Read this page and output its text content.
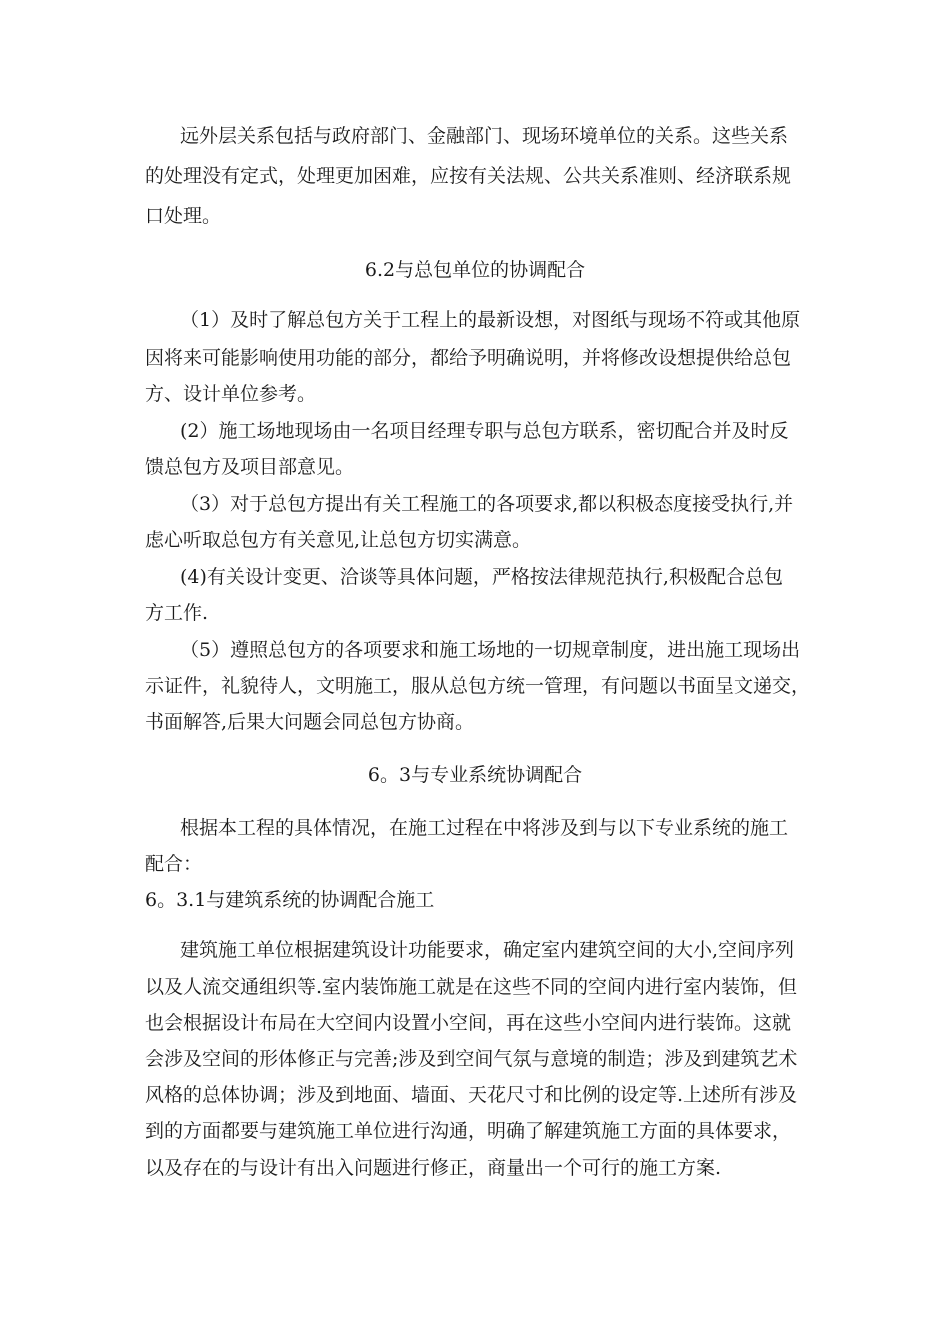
远外层关系包括与政府部门、金融部门、现场环境单位的关系。这些关系

的处理没有定式，处理更加困难，应按有关法规、公共关系准则、经济联系规

口处理。

6.2与总包单位的协调配合

（1）及时了解总包方关于工程上的最新设想，对图纸与现场不符或其他原

因将来可能影响使用功能的部分，都给予明确说明，并将修改设想提供给总包

方、设计单位参考。

(2）施工场地现场由一名项目经理专职与总包方联系，密切配合并及时反

馈总包方及项目部意见。

（3）对于总包方提出有关工程施工的各项要求,都以积极态度接受执行,并

虑心听取总包方有关意见,让总包方切实满意。

(4)有关设计变更、洽谈等具体问题，严格按法律规范执行,积极配合总包

方工作.

（5）遵照总包方的各项要求和施工场地的一切规章制度，进出施工现场出

示证件，礼貌待人，文明施工，服从总包方统一管理，有问题以书面呈文递交，

书面解答,后果大问题会同总包方协商。

6。3与专业系统协调配合

根据本工程的具体情况，在施工过程在中将涉及到与以下专业系统的施工

配合：

6。3.1与建筑系统的协调配合施工

建筑施工单位根据建筑设计功能要求，确定室内建筑空间的大小,空间序列

以及人流交通组织等.室内装饰施工就是在这些不同的空间内进行室内装饰，但

也会根据设计布局在大空间内设置小空间，再在这些小空间内进行装饰。这就

会涉及空间的形体修正与完善;涉及到空间气氛与意境的制造；涉及到建筑艺术

风格的总体协调；涉及到地面、墙面、天花尺寸和比例的设定等.上述所有涉及

到的方面都要与建筑施工单位进行沟通，明确了解建筑施工方面的具体要求，

以及存在的与设计有出入问题进行修正，商量出一个可行的施工方案.
